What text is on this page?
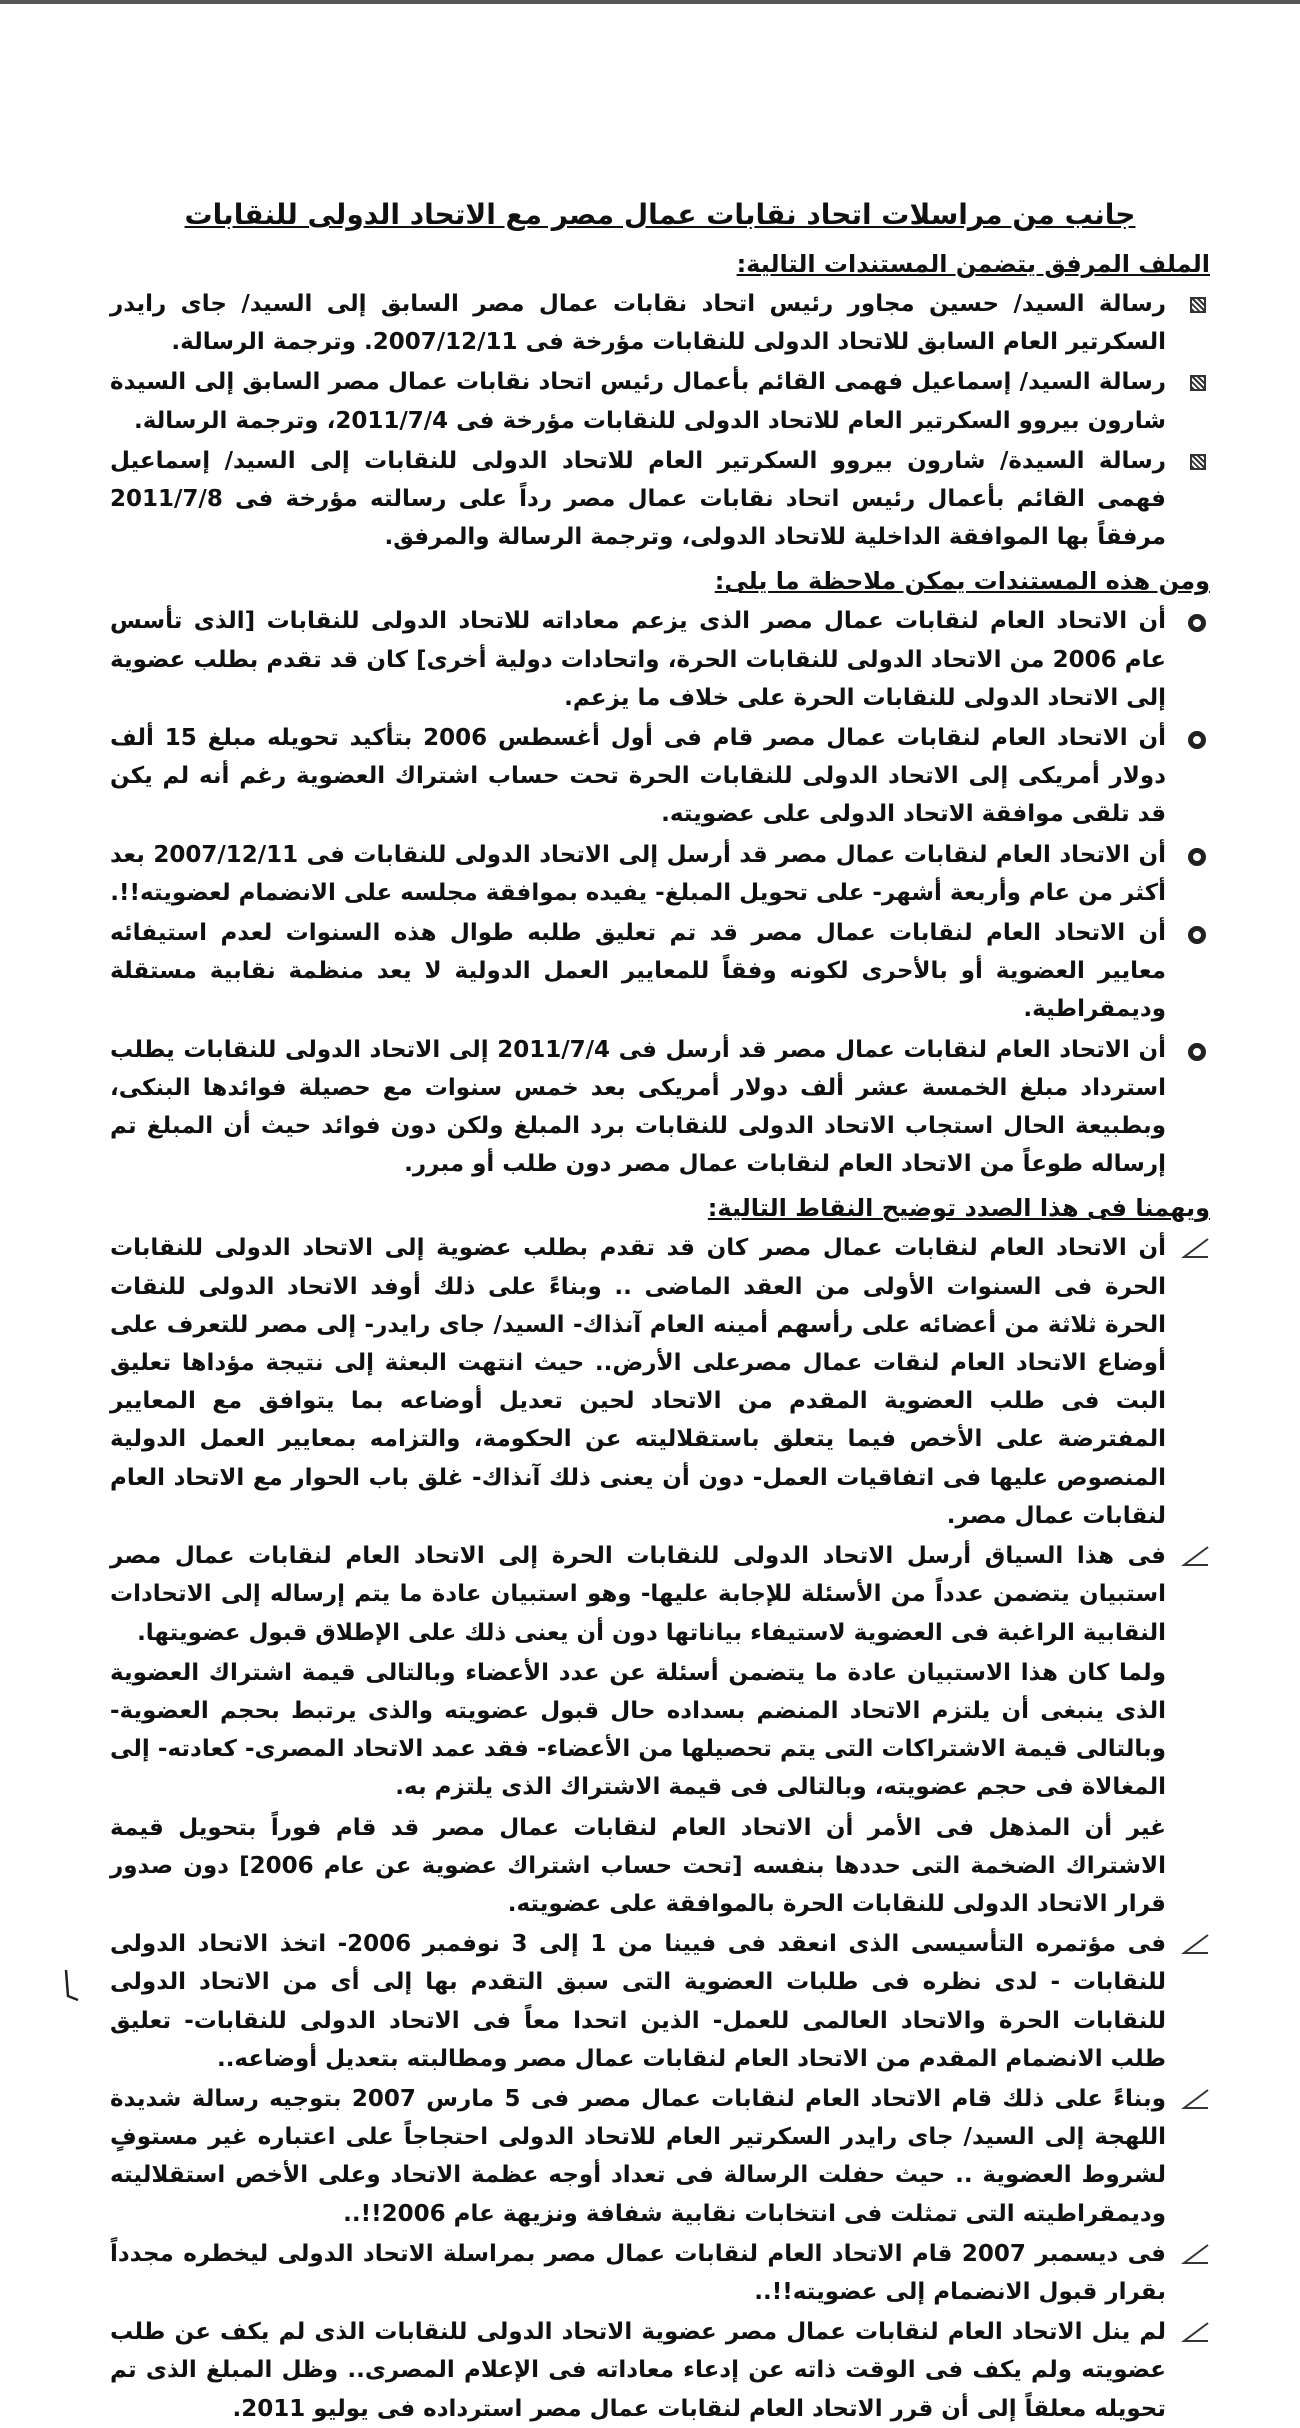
جانب من مراسلات اتحاد نقابات عمال مصر مع الاتحاد الدولى للنقابات
الملف المرفق يتضمن المستندات التالية:
رسالة السيد/ حسين مجاور رئيس اتحاد نقابات عمال مصر السابق إلى السيد/ جاى رايدر السكرتير العام السابق للاتحاد الدولى للنقابات مؤرخة فى 2007/12/11. وترجمة الرسالة.
رسالة السيد/ إسماعيل فهمى القائم بأعمال رئيس اتحاد نقابات عمال مصر السابق إلى السيدة شارون بيروو السكرتير العام للاتحاد الدولى للنقابات مؤرخة فى 2011/7/4، وترجمة الرسالة.
رسالة السيدة/ شارون بيروو السكرتير العام للاتحاد الدولى للنقابات إلى السيد/ إسماعيل فهمى القائم بأعمال رئيس اتحاد نقابات عمال مصر رداً على رسالته مؤرخة فى 2011/7/8 مرفقاً بها الموافقة الداخلية للاتحاد الدولى، وترجمة الرسالة والمرفق.
ومن هذه المستندات يمكن ملاحظة ما يلى:
أن الاتحاد العام لنقابات عمال مصر الذى يزعم معاداته للاتحاد الدولى للنقابات [الذى تأسس عام 2006 من الاتحاد الدولى للنقابات الحرة، واتحادات دولية أخرى] كان قد تقدم بطلب عضوية إلى الاتحاد الدولى للنقابات الحرة على خلاف ما يزعم.
أن الاتحاد العام لنقابات عمال مصر قام فى أول أغسطس 2006 بتأكيد تحويله مبلغ 15 ألف دولار أمريكى إلى الاتحاد الدولى للنقابات الحرة تحت حساب اشتراك العضوية رغم أنه لم يكن قد تلقى موافقة الاتحاد الدولى على عضويته.
أن الاتحاد العام لنقابات عمال مصر قد أرسل إلى الاتحاد الدولى للنقابات فى 2007/12/11 بعد أكثر من عام وأربعة أشهر- على تحويل المبلغ- يفيده بموافقة مجلسه على الانضمام لعضويته!!.
أن الاتحاد العام لنقابات عمال مصر قد تم تعليق طلبه طوال هذه السنوات لعدم استيفائه معايير العضوية أو بالأحرى لكونه وفقاً للمعايير العمل الدولية لا يعد منظمة نقابية مستقلة وديمقراطية.
أن الاتحاد العام لنقابات عمال مصر قد أرسل فى 2011/7/4 إلى الاتحاد الدولى للنقابات يطلب استرداد مبلغ الخمسة عشر ألف دولار أمريكى بعد خمس سنوات مع حصيلة فوائدها البنكى، وبطبيعة الحال استجاب الاتحاد الدولى للنقابات برد المبلغ ولكن دون فوائد حيث أن المبلغ تم إرساله طوعاً من الاتحاد العام لنقابات عمال مصر دون طلب أو مبرر.
ويهمنا فى هذا الصدد توضيح النقاط التالية:
أن الاتحاد العام لنقابات عمال مصر كان قد تقدم بطلب عضوية إلى الاتحاد الدولى للنقابات الحرة فى السنوات الأولى من العقد الماضى .. وبناءً على ذلك أوفد الاتحاد الدولى للنقات الحرة ثلاثة من أعضائه على رأسهم أمينه العام آنذاك- السيد/ جاى رايدر- إلى مصر للتعرف على أوضاع الاتحاد العام لنقات عمال مصرعلى الأرض.. حيث انتهت البعثة إلى نتيجة مؤداها تعليق البت فى طلب العضوية المقدم من الاتحاد لحين تعديل أوضاعه بما يتوافق مع المعايير المفترضة على الأخص فيما يتعلق باستقلاليته عن الحكومة، والتزامه بمعايير العمل الدولية المنصوص عليها فى اتفاقيات العمل- دون أن يعنى ذلك آنذاك- غلق باب الحوار مع الاتحاد العام لنقابات عمال مصر.
فى هذا السياق أرسل الاتحاد الدولى للنقابات الحرة إلى الاتحاد العام لنقابات عمال مصر استبيان يتضمن عدداً من الأسئلة للإجابة عليها- وهو استبيان عادة ما يتم إرساله إلى الاتحادات النقابية الراغبة فى العضوية لاستيفاء بياناتها دون أن يعنى ذلك على الإطلاق قبول عضويتها.
ولما كان هذا الاستبيان عادة ما يتضمن أسئلة عن عدد الأعضاء وبالتالى قيمة اشتراك العضوية الذى ينبغى أن يلتزم الاتحاد المنضم بسداده حال قبول عضويته والذى يرتبط بحجم العضوية- وبالتالى قيمة الاشتراكات التى يتم تحصيلها من الأعضاء- فقد عمد الاتحاد المصرى- كعادته- إلى المغالاة فى حجم عضويته، وبالتالى فى قيمة الاشتراك الذى يلتزم به.
غير أن المذهل فى الأمر أن الاتحاد العام لنقابات عمال مصر قد قام فوراً بتحويل قيمة الاشتراك الضخمة التى حددها بنفسه [تحت حساب اشتراك عضوية عن عام 2006] دون صدور قرار الاتحاد الدولى للنقابات الحرة بالموافقة على عضويته.
فى مؤتمره التأسيسى الذى انعقد فى فيينا من 1 إلى 3 نوفمبر 2006- اتخذ الاتحاد الدولى للنقابات - لدى نظره فى طلبات العضوية التى سبق التقدم بها إلى أى من الاتحاد الدولى للنقابات الحرة والاتحاد العالمى للعمل- الذين اتحدا معاً فى الاتحاد الدولى للنقابات- تعليق طلب الانضمام المقدم من الاتحاد العام لنقابات عمال مصر ومطالبته بتعديل أوضاعه..
وبناءً على ذلك قام الاتحاد العام لنقابات عمال مصر فى 5 مارس 2007 بتوجيه رسالة شديدة اللهجة إلى السيد/ جاى رايدر السكرتير العام للاتحاد الدولى احتجاجاً على اعتباره غير مستوفٍ لشروط العضوية .. حيث حفلت الرسالة فى تعداد أوجه عظمة الاتحاد وعلى الأخص استقلاليته وديمقراطيته التى تمثلت فى انتخابات نقابية شفافة ونزيهة عام 2006!!..
فى ديسمبر 2007 قام الاتحاد العام لنقابات عمال مصر بمراسلة الاتحاد الدولى ليخطره مجدداً بقرار قبول الانضمام إلى عضويته!!..
لم ينل الاتحاد العام لنقابات عمال مصر عضوية الاتحاد الدولى للنقابات الذى لم يكف عن طلب عضويته ولم يكف فى الوقت ذاته عن إدعاء معاداته فى الإعلام المصرى.. وظل المبلغ الذى تم تحويله معلقاً إلى أن قرر الاتحاد العام لنقابات عمال مصر استرداده فى يوليو 2011.
